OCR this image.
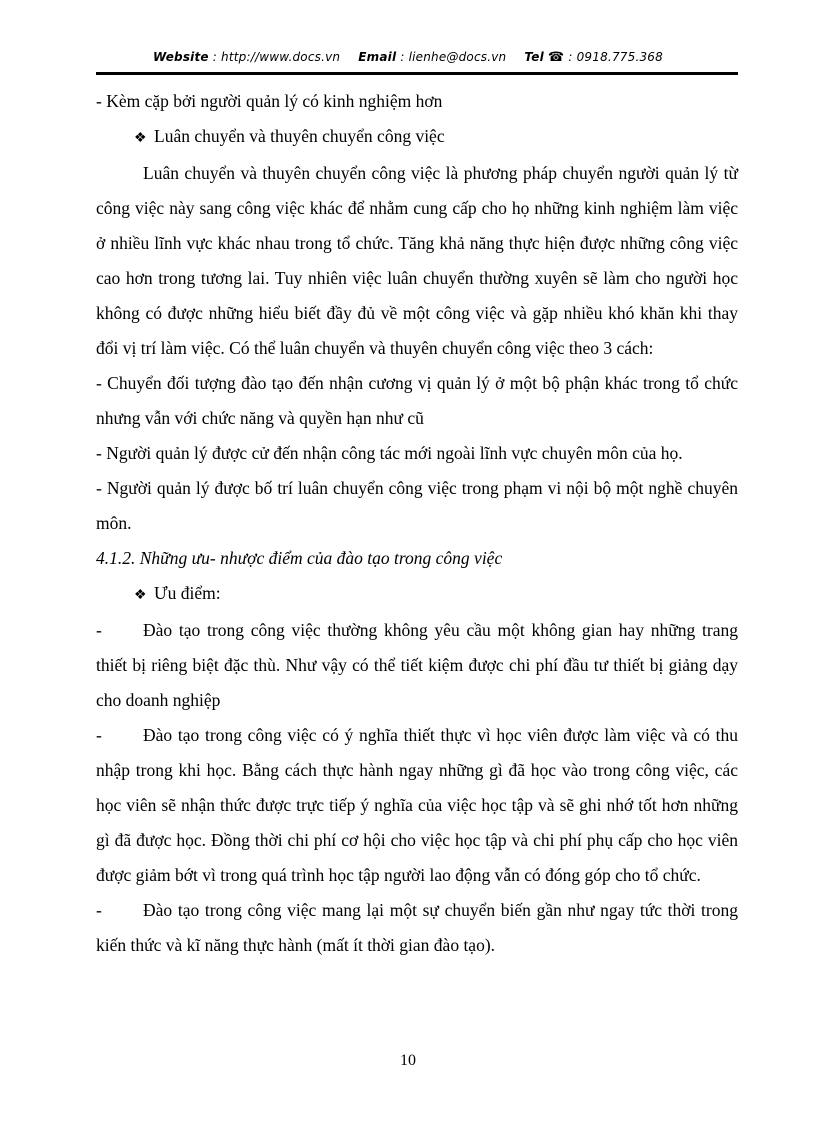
Website : http://www.docs.vn Email : lienhe@docs.vn Tel ☎ : 0918.775.368

- Kèm cặp bởi người quản lý có kinh nghiệm hơn

❖ Luân chuyển và thuyên chuyển công việc

Luân chuyển và thuyên chuyển công việc là phương pháp chuyển người quản lý từ công việc này sang công việc khác để nhằm cung cấp cho họ những kinh nghiệm làm việc ở nhiều lĩnh vực khác nhau trong tổ chức. Tăng khả năng thực hiện được những công việc cao hơn trong tương lai. Tuy nhiên việc luân chuyển thường xuyên sẽ làm cho người học không có được những hiểu biết đầy đủ về một công việc và gặp nhiều khó khăn khi thay đổi vị trí làm việc. Có thể luân chuyển và thuyên chuyển công việc theo 3 cách:

- Chuyển đối tượng đào tạo đến nhận cương vị quản lý ở một bộ phận khác trong tổ chức nhưng vẫn với chức năng và quyền hạn như cũ

- Người quản lý được cử đến nhận công tác mới ngoài lĩnh vực chuyên môn của họ.

- Người quản lý được bố trí luân chuyển công việc trong phạm vi nội bộ một nghề chuyên môn.

4.1.2. Những ưu- nhược điểm của đào tạo trong công việc

❖ Ưu điểm:

- Đào tạo trong công việc thường không yêu cầu một không gian hay những trang thiết bị riêng biệt đặc thù. Như vậy có thể tiết kiệm được chi phí đầu tư thiết bị giảng dạy cho doanh nghiệp

- Đào tạo trong công việc có ý nghĩa thiết thực vì học viên được làm việc và có thu nhập trong khi học. Bằng cách thực hành ngay những gì đã học vào trong công việc, các học viên sẽ nhận thức được trực tiếp ý nghĩa của việc học tập và sẽ ghi nhớ tốt hơn những gì đã được học. Đồng thời chi phí cơ hội cho việc học tập và chi phí phụ cấp cho học viên được giảm bớt vì trong quá trình học tập người lao động vẫn có đóng góp cho tổ chức.

- Đào tạo trong công việc mang lại một sự chuyển biến gần như ngay tức thời trong kiến thức và kĩ năng thực hành (mất ít thời gian đào tạo).

10
